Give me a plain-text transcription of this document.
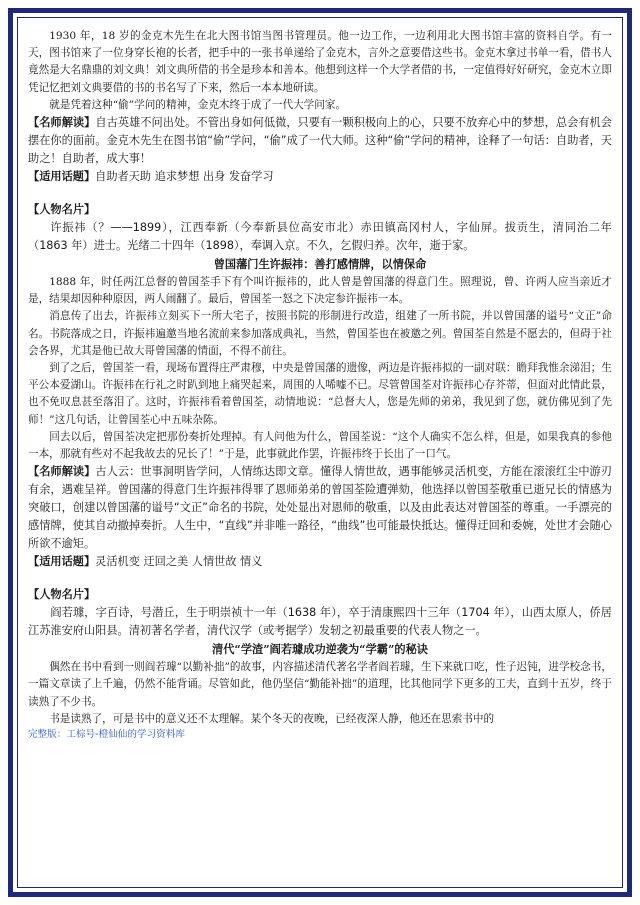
1930 年，18 岁的金克木先生在北大图书馆当图书管理员。他一边工作，一边利用北大图书馆丰富的资料自学。有一天，图书馆来了一位身穿长袍的长者，把手中的一张书单递给了金克木，言外之意要借这些书。金克木拿过书单一看，借书人竟然是大名鼎鼎的刘文典！刘文典所借的书全是珍本和善本。他想到这样一个大学者借的书，一定值得好好研究，金克木立即凭记忆把刘文典要借的书的书名写了下来，然后一本本地研读。

就是凭着这种“偷”学问的精神，金克木终于成了一代大学问家。

【名师解读】自古英雄不问出处。不管出身如何低微，只要有一颗积极向上的心，只要不放弃心中的梦想，总会有机会摆在你的面前。金克木先生在图书馆“偷”学问，“偷”成了一代大师。这种“偷”学问的精神，诠释了一句话：自助者，天助之！自助者，成大事！

【适用话题】自助者天助 追求梦想 出身 发奋学习

【人物名片】

许振祎（？——1899），江西奉新（今奉新县位高安市北）赤田镇高冈村人，字仙屏。拔贡生，清同治二年（1863 年）进士。光绪二十四年（1898），奉调入京。不久，乞假归养。次年，逝于家。

曾国藩门生许振祎：善打感情牌，以情保命

1888 年，时任两江总督的曾国荃手下有个叫许振祎的，此人曾是曾国藩的得意门生。照理说，曾、许两人应当亲近才是，结果却因种种原因，两人闹翻了。最后，曾国荃一怒之下决定参许振祎一本。

消息传了出去，许振祎立刻买下一所大宅子，按照书院的形制进行改造，组建了一所书院，并以曾国藩的谥号“文正”命名。书院落成之日，许振祎遍邀当地名流前来参加落成典礼，当然，曾国荃也在被邀之列。曾国荃自然是不愿去的，但碍于社会各界，尤其是他已故大哥曾国藩的情面，不得不前往。

到了之后，曾国荃一看，现场布置得庄严肃穆，中央是曾国藩的遗像，两边是许振祎拟的一副对联：瞻拜我惟余涕泪；生平公本爱湖山。许振祎在行礼之时趴到地上痛哭起来，周围的人唏嘘不已。尽管曾国荃对许振祎心存芥蒂，但面对此情此景，也不免叹息甚至落泪了。这时，许振祎看着曾国荃，动情地说：“总督大人，您是先师的弟弟，我见到了您，就仿佛见到了先师！”这几句话，让曾国荃心中五味杂陈。

回去以后，曾国荃决定把那份奏折处理掉。有人问他为什么，曾国荃说：“这个人确实不怎么样，但是，如果我真的参他一本，那就有些对不起我故去的兄长了！”于是，此事就此作罢，许振祎终于长出了一口气。

【名师解读】古人云：世事洞明皆学问，人情练达即文章。懂得人情世故，遇事能够灵活机变，方能在滚滚红尘中游刃有余，遇难呈祥。曾国藩的得意门生许振祎得罪了恩师弟弟的曾国荃险遭弹劾，他选择以曾国荃敬重已逝兄长的情感为突破口，创建以曾国藩的谥号“文正”命名的书院，处处显出对恩师的敬重，以及由此表达对曾国荃的尊重。一手漂亮的感情牌，使其自动撤掉奏折。人生中，“直线”并非唯一路径，“曲线”也可能最快抵达。懂得迂回和委婉，处世才会随心所欲不逾矩。

【适用话题】灵活机变 迂回之美 人情世故 情义

【人物名片】

阎若璩，字百诗，号潜丘，生于明崇祯十一年（1638 年），卒于清康熙四十三年（1704 年），山西太原人，侨居江苏淮安府山阳县。清初著名学者，清代汉学（或考据学）发轫之初最重要的代表人物之一。

清代“学渣”阎若璩成功逆袭为“学霸”的秘诀

偶然在书中看到一则阎若璩“以勤补拙”的故事，内容描述清代著名学者阎若璩，生下来就口吃，性子迟钝，进学校念书，一篇文章读了上千遍，仍然不能背诵。尽管如此，他仍坚信“勤能补拙”的道理，比其他同学下更多的工夫，直到十五岁，终于读熟了不少书。

书是读熟了，可是书中的意义还不太理解。某个冬天的夜晚，已经夜深人静，他还在思索书中的

完整版：工棕号-橙仙仙的学习资料库
